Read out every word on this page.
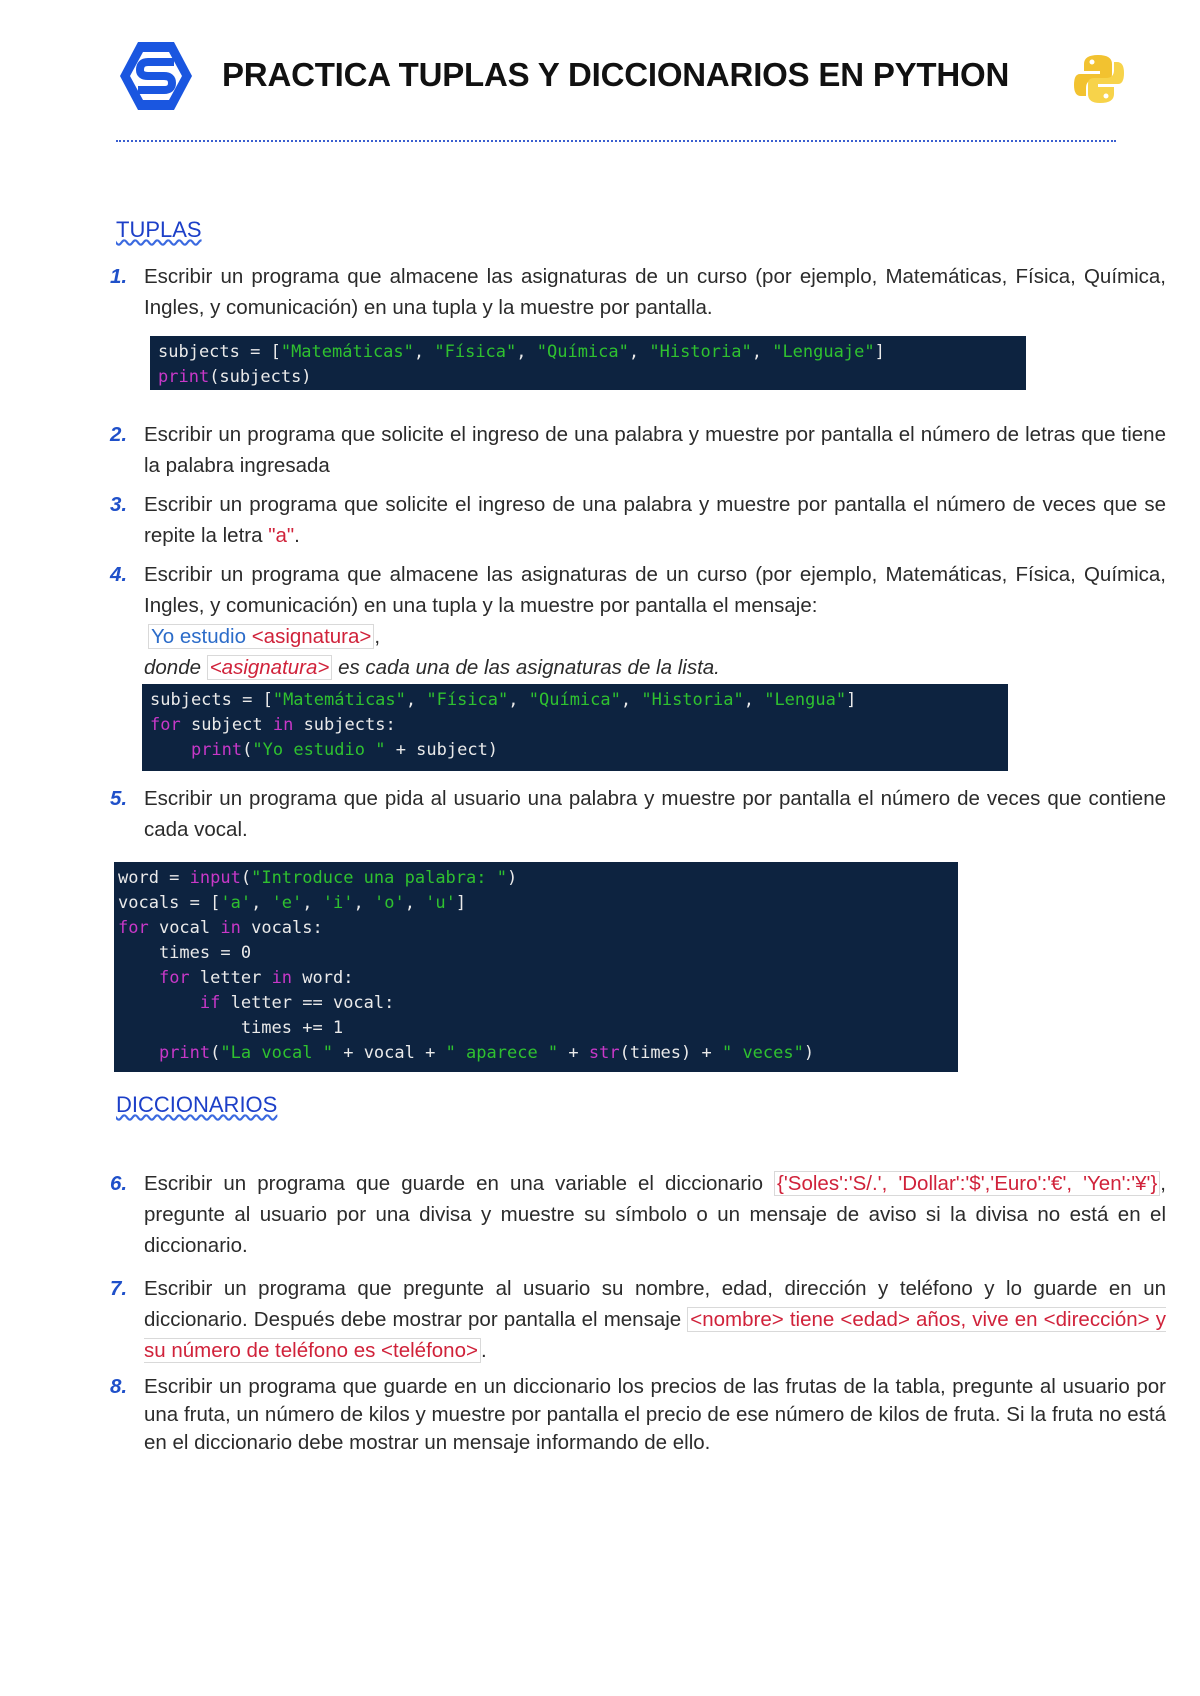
PRACTICA TUPLAS Y DICCIONARIOS EN PYTHON
TUPLAS
1. Escribir un programa que almacene las asignaturas de un curso (por ejemplo, Matemáticas, Física, Química, Ingles, y comunicación) en una tupla y la muestre por pantalla.
subjects = ["Matemáticas", "Física", "Química", "Historia", "Lenguaje"]
print(subjects)
2. Escribir un programa que solicite el ingreso de una palabra y muestre por pantalla el número de letras que tiene la palabra ingresada
3. Escribir un programa que solicite el ingreso de una palabra y muestre por pantalla el número de veces que se repite la letra "a".
4. Escribir un programa que almacene las asignaturas de un curso (por ejemplo, Matemáticas, Física, Química, Ingles, y comunicación) en una tupla y la muestre por pantalla el mensaje:
Yo estudio <asignatura> ,
donde <asignatura> es cada una de las asignaturas de la lista.
subjects = ["Matemáticas", "Física", "Química", "Historia", "Lengua"]
for subject in subjects:
print("Yo estudio " + subject)
5. Escribir un programa que pida al usuario una palabra y muestre por pantalla el número de veces que contiene cada vocal.
word = input("Introduce una palabra: ")
vocals = ['a', 'e', 'i', 'o', 'u']
for vocal in vocals:
times = 0
for letter in word:
if letter == vocal:
times += 1
print("La vocal " + vocal + " aparece " + str(times) + " veces")
DICCIONARIOS
6. Escribir un programa que guarde en una variable el diccionario {'Soles':'S/.', 'Dollar':'$','Euro':'€', 'Yen':'¥'} , pregunte al usuario por una divisa y muestre su símbolo o un mensaje de aviso si la divisa no está en el diccionario.
7. Escribir un programa que pregunte al usuario su nombre, edad, dirección y teléfono y lo guarde en un diccionario. Después debe mostrar por pantalla el mensaje <nombre> tiene <edad> años, vive en <dirección> y su número de teléfono es <teléfono> .
8. Escribir un programa que guarde en un diccionario los precios de las frutas de la tabla, pregunte al usuario por una fruta, un número de kilos y muestre por pantalla el precio de ese número de kilos de fruta. Si la fruta no está en el diccionario debe mostrar un mensaje informando de ello.
